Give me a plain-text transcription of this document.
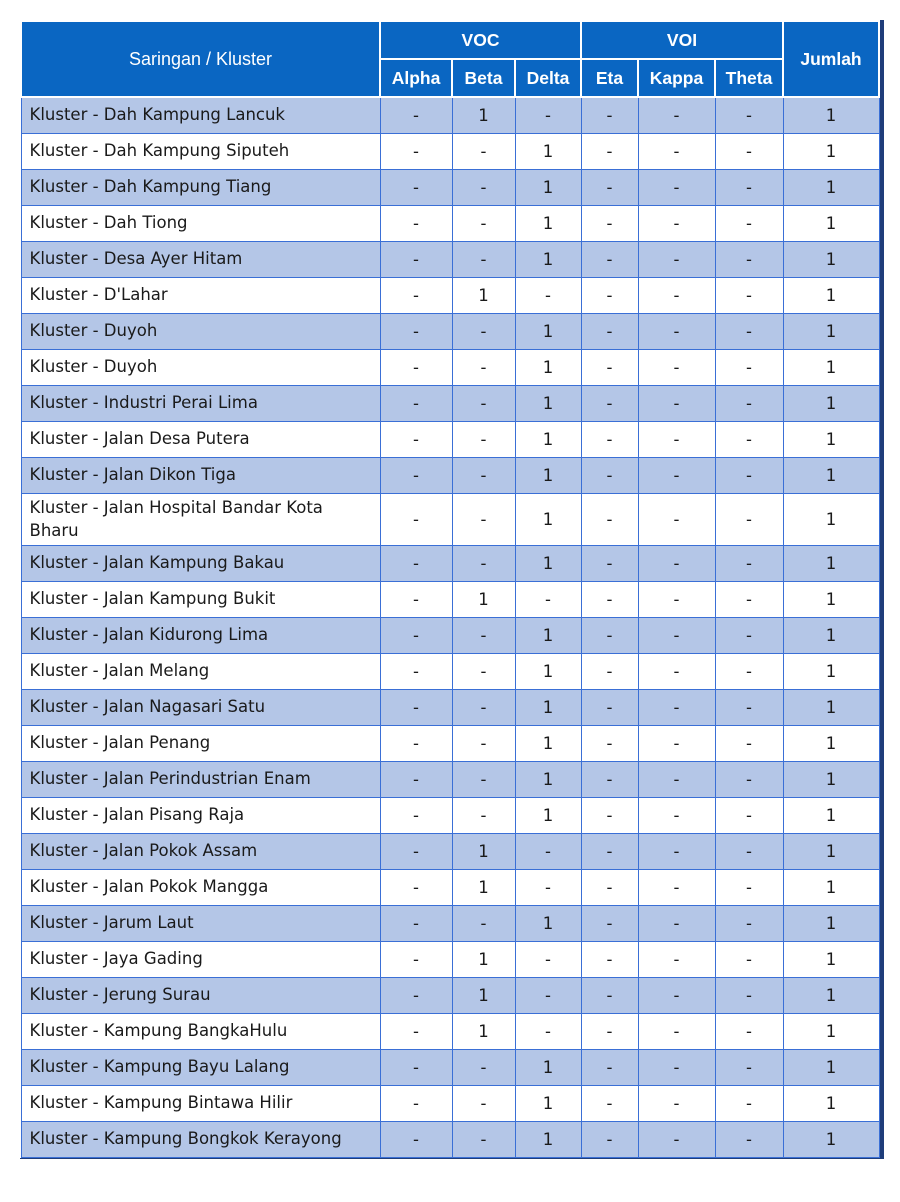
Saringan / Kluster	VOC			VOI			Jumlah
	Alpha	Beta	Delta	Eta	Kappa	Theta	
Kluster - Dah Kampung Lancuk	-	1	-	-	-	-	1
Kluster - Dah Kampung Siputeh	-	-	1	-	-	-	1
Kluster - Dah Kampung Tiang	-	-	1	-	-	-	1
Kluster - Dah Tiong	-	-	1	-	-	-	1
Kluster - Desa Ayer Hitam	-	-	1	-	-	-	1
Kluster - D'Lahar	-	1	-	-	-	-	1
Kluster - Duyoh	-	-	1	-	-	-	1
Kluster - Duyoh	-	-	1	-	-	-	1
Kluster - Industri Perai Lima	-	-	1	-	-	-	1
Kluster - Jalan Desa Putera	-	-	1	-	-	-	1
Kluster - Jalan Dikon Tiga	-	-	1	-	-	-	1
Kluster - Jalan Hospital Bandar Kota Bharu	-	-	1	-	-	-	1
Kluster - Jalan Kampung Bakau	-	-	1	-	-	-	1
Kluster - Jalan Kampung Bukit	-	1	-	-	-	-	1
Kluster - Jalan Kidurong Lima	-	-	1	-	-	-	1
Kluster - Jalan Melang	-	-	1	-	-	-	1
Kluster - Jalan Nagasari Satu	-	-	1	-	-	-	1
Kluster - Jalan Penang	-	-	1	-	-	-	1
Kluster - Jalan Perindustrian Enam	-	-	1	-	-	-	1
Kluster - Jalan Pisang Raja	-	-	1	-	-	-	1
Kluster - Jalan Pokok Assam	-	1	-	-	-	-	1
Kluster - Jalan Pokok Mangga	-	1	-	-	-	-	1
Kluster - Jarum Laut	-	-	1	-	-	-	1
Kluster - Jaya Gading	-	1	-	-	-	-	1
Kluster - Jerung Surau	-	1	-	-	-	-	1
Kluster - Kampung BangkaHulu	-	1	-	-	-	-	1
Kluster - Kampung Bayu Lalang	-	-	1	-	-	-	1
Kluster - Kampung Bintawa Hilir	-	-	1	-	-	-	1
Kluster - Kampung Bongkok Kerayong	-	-	1	-	-	-	1
